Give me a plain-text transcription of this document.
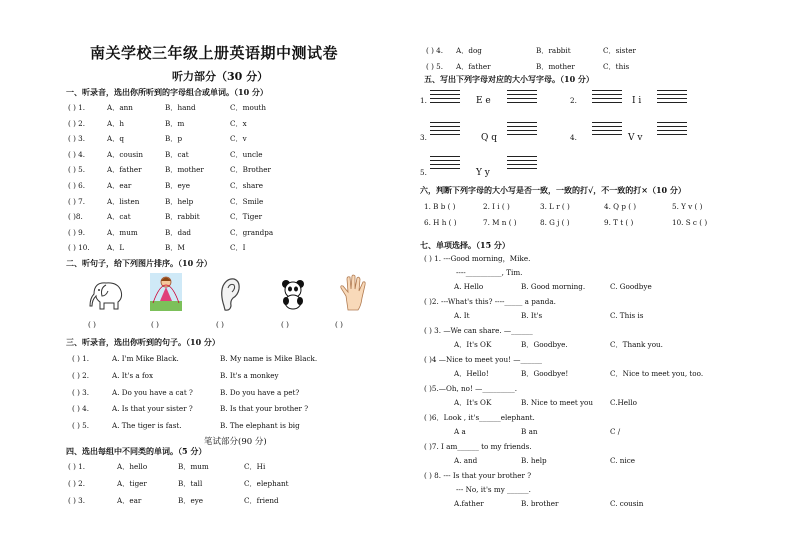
南关学校三年级上册英语期中测试卷
听力部分（30 分）
一、听录音，选出你所听到的字母组合或单词。（10 分）
( ) 1.	A．ann	B．hand	C．mouth
( ) 2.	A．h	B．m	C．x
( ) 3.	A．q	B．p	C．v
( ) 4.	A．cousin	B．cat	C．uncle
( ) 5.	A．father	B．mother	C．Brother
( ) 6.	A．ear	B．eye	C．share
( ) 7.	A．listen	B．help	C．Smile
( )8.	A．cat	B．rabbit	C．Tiger
( ) 9.	A．mum	B．dad	C．grandpa
( ) 10. A．L	B．M	C．I
二、听句子，给下列图片排序。（10 分）
( )	( )	( )	( )	( )
三、听录音，选出你听到的句子。（10 分）
( ) 1.	A. I'm Mike Black.	B. My name is Mike Black.
( ) 2.	A. It's a fox	B. It's a monkey
( ) 3.	A. Do you have a cat ?	B. Do you have a pet?
( ) 4.	A. Is that your sister ?	B. Is that your brother ?
( ) 5.	A. The tiger is fast.	B. The elephant is big
笔试部分(90 分)
四、选出每组中不同类的单词。（5 分）
( ) 1.	A．hello	B．mum	C．Hi
( ) 2.	A．tiger	B．tall	C．elephant
( ) 3.	A．ear	B．eye	C．friend
( ) 4. A．dog	B．rabbit	C．sister
( ) 5. A．father	B．mother	C．this
五、写出下列字母对应的大小写字母。（10 分）
1.	E e	2.	I i
3.	Q q	4.	V v
5.	Y y
六，判断下列字母的大小写是否一致，一致的打√，不一致的打×（10 分）
1. B b ( )	2. I i ( )	3. L r ( )	4. Q p ( )	5. Y v ( )
6. H h ( )	7. M n ( )	8. G j ( )	9. T t ( )	10. S c ( )
七、单项选择。（15 分）
( ) 1. ---Good morning，Mike.
----__________, Tim.
A. Hello	B. Good morning.	C. Goodbye
( )2. ---What's this? ----_____ a panda.
A. It	B. It's	C. This is
( ) 3. —We can share. —______
A．It's OK	B．Goodbye.	C．Thank you.
( )4 —Nice to meet you! —______
A．Hello!	B．Goodbye!	C．Nice to meet you, too.
( )5.—Oh, no! —_________.
A．It's OK	B. Nice to meet you C.Hello
( )6．Look , it's______elephant.
A a	B an	C /
( )7. I am______ to my friends.
A. and	B. help	C. nice
( ) 8. --- Is that your brother ?
--- No, it's my ______.
A.father	B. brother	C. cousin
